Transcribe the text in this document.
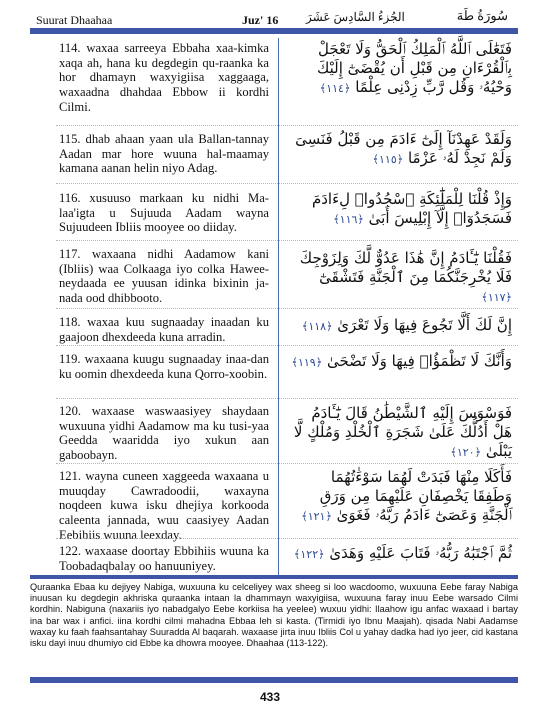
Suurat Dhaahaa	Juz' 16 الجُزءُ السَّادِسَ عَشَرَ	سُورَةُ طَهَ
114. waxaa sarreeya Ebbaha xaa-kimka xaqa ah, hana ku degdegin qu-raanka ka hor dhamayn waxyigiisa xaggaaga, waxaadna dhahdaa Ebbow ii kordhi Cilmi.
فَتَعَٰلَى ٱللَّهُ ٱلْمَلِكُ ٱلْحَقُّ وَلَا تَعْجَلْ بِٱلْقُرْءَانِ مِن قَبْلِ أَن يُقْضَىٰٓ إِلَيْكَ وَحْيُهُۥ وَقُل رَّبِّ زِدْنِى عِلْمًا ﴿١١٤﴾
115. dhab ahaan yaan ula Ballan-tannay Aadan mar hore wuuna hal-maamay kamana aanan helin niyo Adag.
وَلَقَدْ عَهِدْنَآ إِلَىٰٓ ءَادَمَ مِن قَبْلُ فَنَسِىَ وَلَمْ نَجِدْ لَهُۥ عَزْمًا ﴿١١٥﴾
116. xusuuso markaan ku nidhi Ma-laa'igta u Sujuuda Aadam wayna Sujuudeen Ibliis mooyee oo diiday.
وَإِذْ قُلْنَا لِلْمَلَٰٓئِكَةِ ٱسْجُدُوا۟ لِءَادَمَ فَسَجَدُوٓا۟ إِلَّآ إِبْلِيسَ أَبَىٰ ﴿١١٦﴾
117. waxaana nidhi Aadamow kani (Ibliis) waa Colkaaga iyo colka Hawee-neydaada ee yuusan idinka bixinin ja-nada ood dhibbooto.
فَقُلْنَا يَٰٓـَٔادَمُ إِنَّ هَٰذَا عَدُوٌّ لَّكَ وَلِزَوْجِكَ فَلَا يُخْرِجَنَّكُمَا مِنَ ٱلْجَنَّةِ فَتَشْقَىٰٓ ﴿١١٧﴾
118. waxaa kuu sugnaaday inaadan ku gaajoon dhexdeeda kuna arradin.
إِنَّ لَكَ أَلَّا تَجُوعَ فِيهَا وَلَا تَعْرَىٰ ﴿١١٨﴾
119. waxaana kuugu sugnaaday inaa-dan ku oomin dhexdeeda kuna Qorro-xoobin.
وَأَنَّكَ لَا تَظْمَؤُا۟ فِيهَا وَلَا تَضْحَىٰ ﴿١١٩﴾
120. waxaase waswaasiyey shaydaan wuxuuna yidhi Aadamow ma ku tusi-yaa Geedda waaridda iyo xukun aan gaboobayn.
فَوَسْوَسَ إِلَيْهِ ٱلشَّيْطَٰنُ قَالَ يَٰٓـَٔادَمُ هَلْ أَدُلُّكَ عَلَىٰ شَجَرَةِ ٱلْخُلْدِ وَمُلْكٍ لَّا يَبْلَىٰ ﴿١٢٠﴾
121. wayna cuneen xaggeeda waxaana u muuqday Cawradoodii, waxayna noqdeen kuwa isku dhejiya korkooda caleenta jannada, wuu caasiyey Aadan Eebihiis wuuna leexday.
فَأَكَلَا مِنْهَا فَبَدَتْ لَهُمَا سَوْءَٰتُهُمَا وَطَفِقَا يَخْصِفَانِ عَلَيْهِمَا مِن وَرَقِ ٱلْجَنَّةِ وَعَصَىٰٓ ءَادَمُ رَبَّهُۥ فَغَوَىٰ ﴿١٢١﴾
122. waxaase doortay Ebbihiis wuuna ka Toobadaqbalay oo hanuuniyey.
ثُمَّ ٱجْتَبَٰهُ رَبُّهُۥ فَتَابَ عَلَيْهِ وَهَدَىٰ ﴿١٢٢﴾
Quraanka Ebaa ku dejiyey Nabiga, wuxuuna ku celceliyey wax sheeg si loo wacdoomo, wuxuuna Eebe faray Nabiga inuusan ku degdegin akhriska quraanka intaan la dhammayn waxyigiisa, wuxuuna faray inuu Eebe warsado Cilmi kordhin. Nabiguna (naxariis iyo nabadgalyo Eebe korkiisa ha yeelee) wuxuu yidhi: Ilaahow igu anfac waxaad i bartay ina bar wax i anfici. iina kordhi cilmi mahadna Ebbaa leh si kasta. (Tirmidi iyo Ibnu Maajah). qisada Nabi Aadamse waxay ku faah faahsantahay Suuradda Al baqarah. waxaase jirta inuu Ibliis Col u yahay dadka had iyo jeer, cid kastana isku dayi inuu dhumiyo cid Ebbe ka dhowra mooyee. Dhaahaa (113-122).
433
